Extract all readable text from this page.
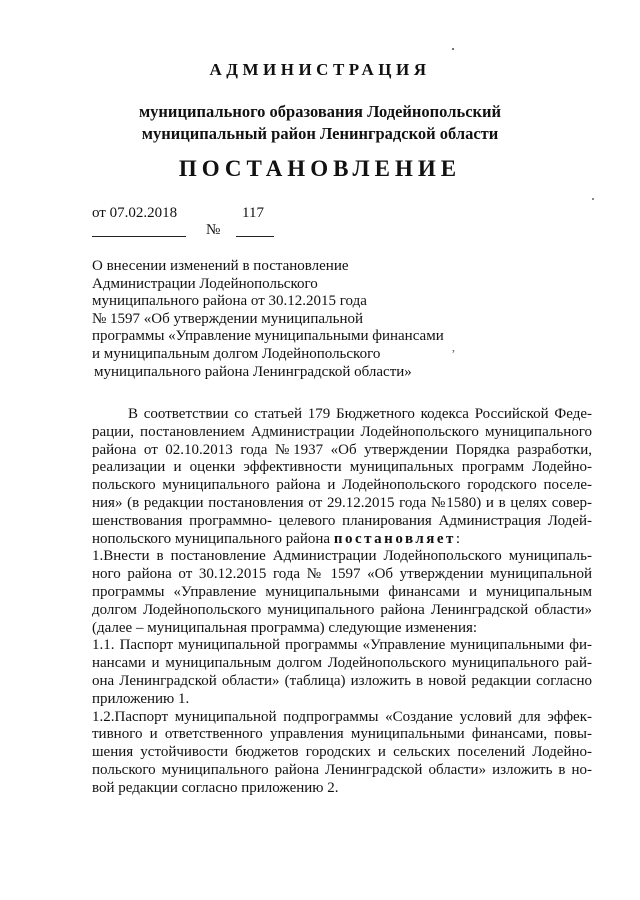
,
АДМИНИСТРАЦИЯ
муниципального образования Лодейнопольский
муниципальный район Ленинградской области
ПОСТАНОВЛЕНИЕ
от 07.02.2018	117
№
О внесении изменений в постановление
Администрации Лодейнопольского
муниципального района от 30.12.2015 года
№ 1597 «Об утверждении муниципальной
программы «Управление муниципальными финансами
и муниципальным долгом Лодейнопольского
муниципального района Ленинградской области»
В соответствии со статьей 179 Бюджетного кодекса Российской Феде-
рации, постановлением Администрации Лодейнопольского муниципального
района от 02.10.2013 года №1937 «Об утверждении Порядка разработки,
реализации и оценки эффективности муниципальных программ Лодейно-
польского муниципального района и Лодейнопольского городского поселе-
ния» (в редакции постановления от 29.12.2015 года №1580) и в целях совер-
шенствования программно- целевого планирования Администрация Лодей-
нопольского муниципального района постановляет:
1.Внести в постановление Администрации Лодейнопольского муниципаль-
ного района от 30.12.2015 года № 1597 «Об утверждении муниципальной
программы «Управление муниципальными финансами и муниципальным
долгом Лодейнопольского муниципального района Ленинградской области»
(далее – муниципальная программа) следующие изменения:
1.1. Паспорт муниципальной программы «Управление муниципальными фи-
нансами и муниципальным долгом Лодейнопольского муниципального рай-
она Ленинградской области» (таблица) изложить в новой редакции согласно
приложению 1.
1.2.Паспорт муниципальной подпрограммы «Создание условий для эффек-
тивного и ответственного управления муниципальными финансами, повы-
шения устойчивости бюджетов городских и сельских поселений Лодейно-
польского муниципального района Ленинградской области» изложить в но-
вой редакции согласно приложению 2.
